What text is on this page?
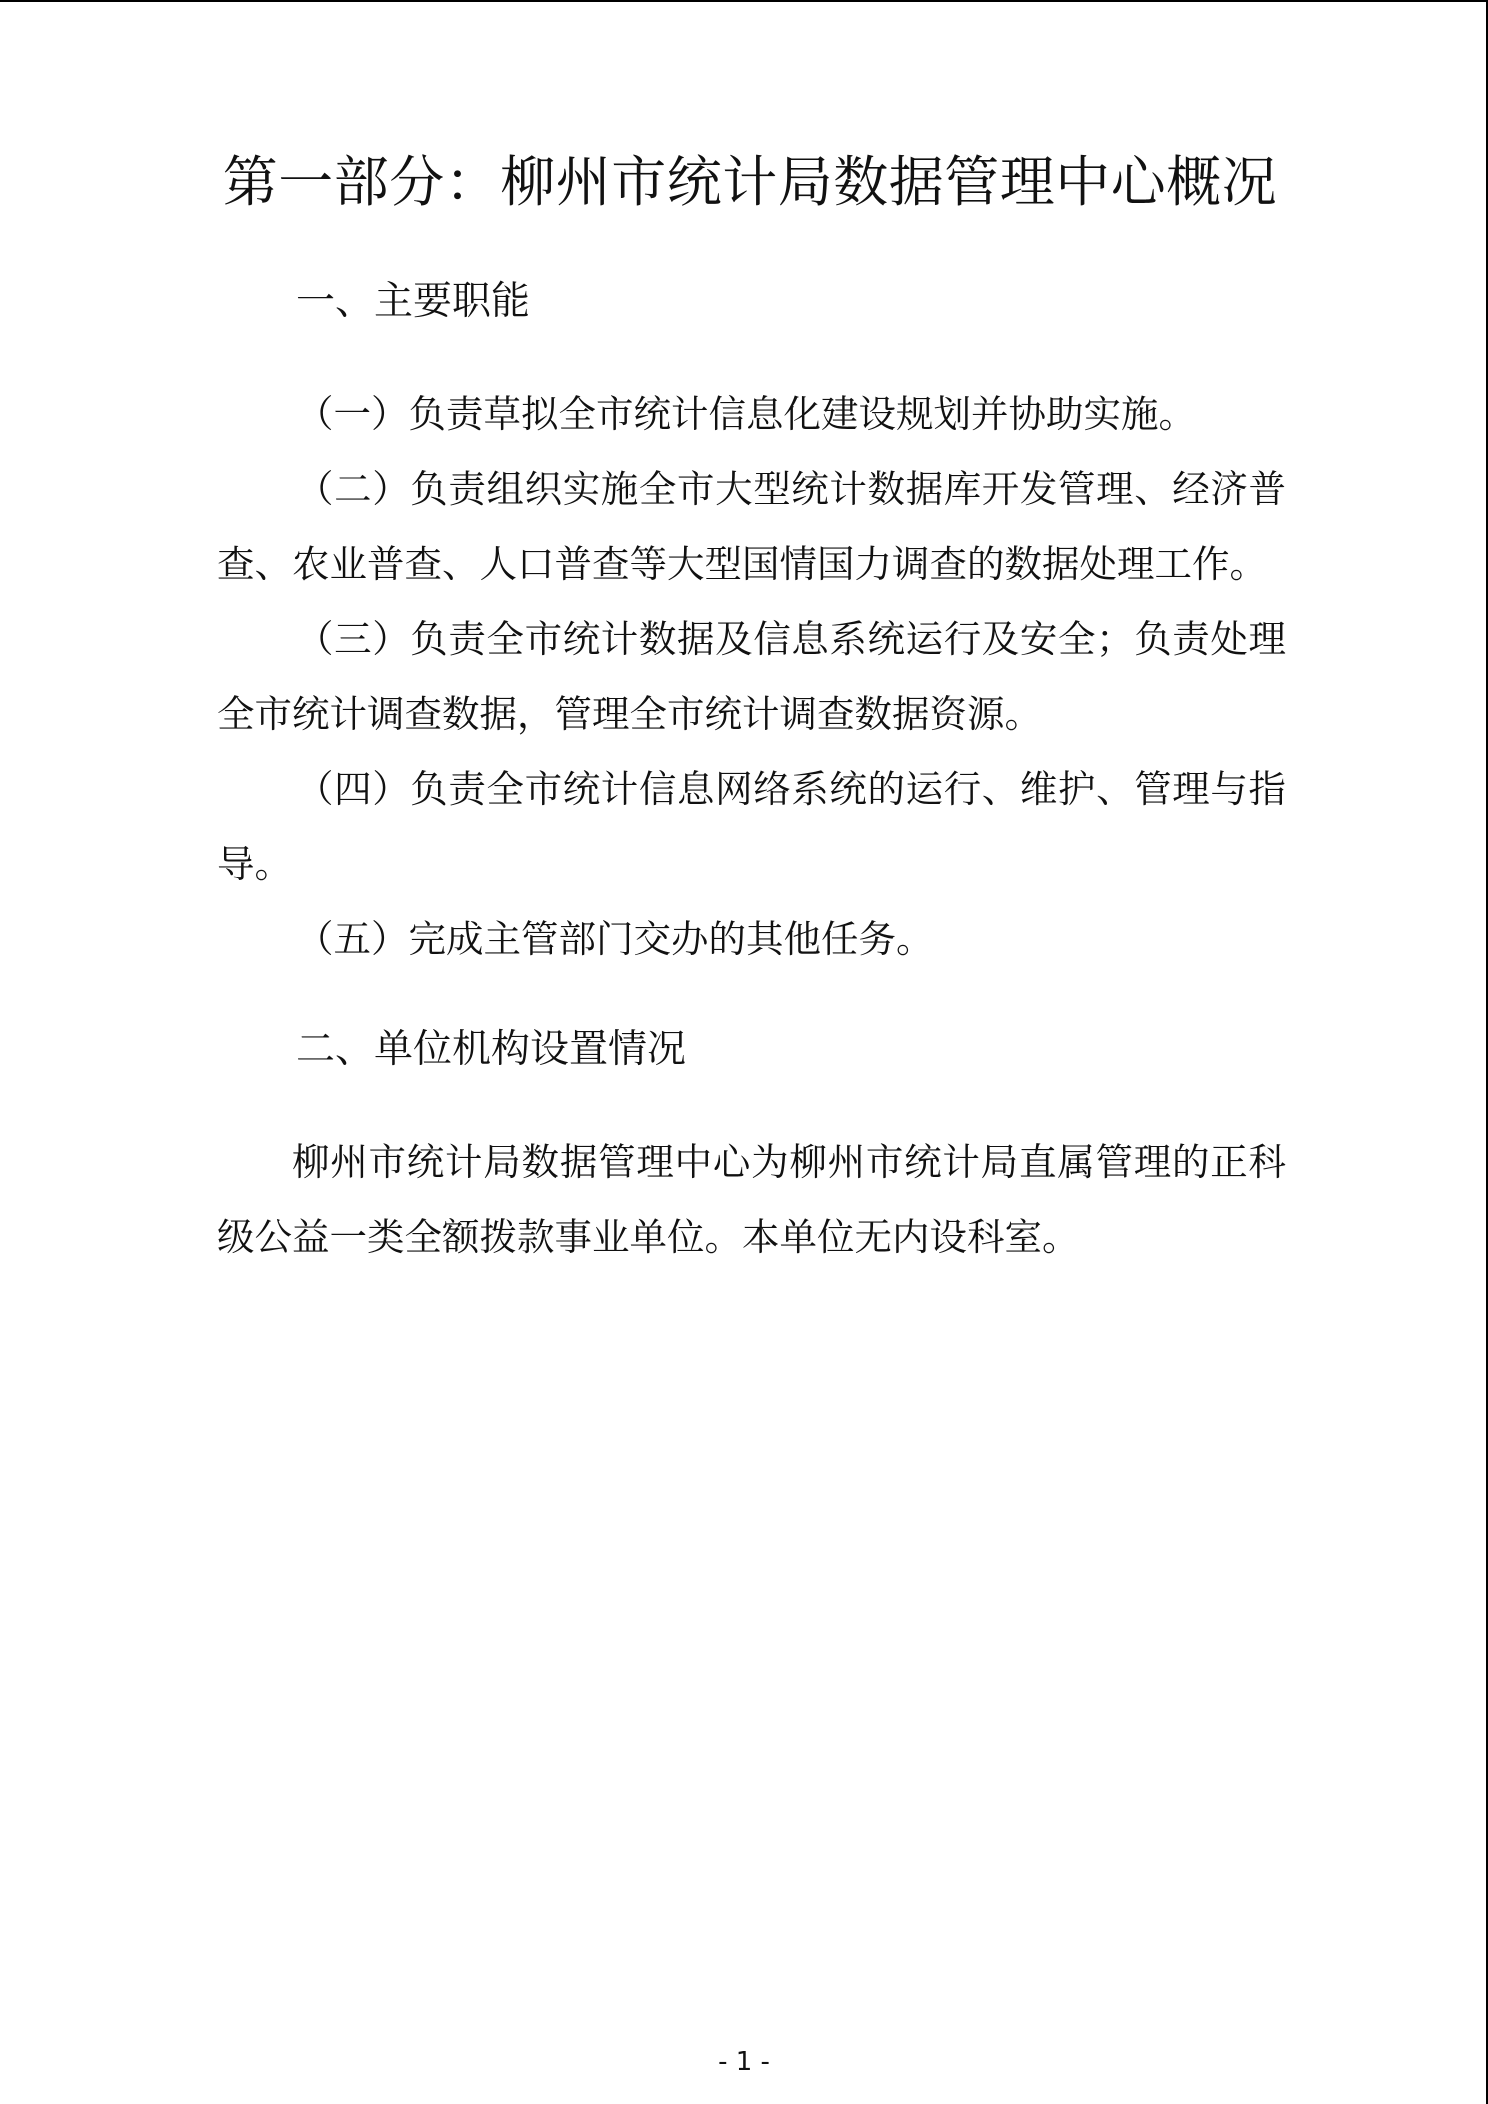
第一部分：柳州市统计局数据管理中心概况
一、主要职能
（一）负责草拟全市统计信息化建设规划并协助实施。
（二）负责组织实施全市大型统计数据库开发管理、经济普
查、农业普查、人口普查等大型国情国力调查的数据处理工作。
（三）负责全市统计数据及信息系统运行及安全；负责处理
全市统计调查数据，管理全市统计调查数据资源。
（四）负责全市统计信息网络系统的运行、维护、管理与指
导。
（五）完成主管部门交办的其他任务。
二、单位机构设置情况
柳州市统计局数据管理中心为柳州市统计局直属管理的正科
级公益一类全额拨款事业单位。本单位无内设科室。
- 1 -
